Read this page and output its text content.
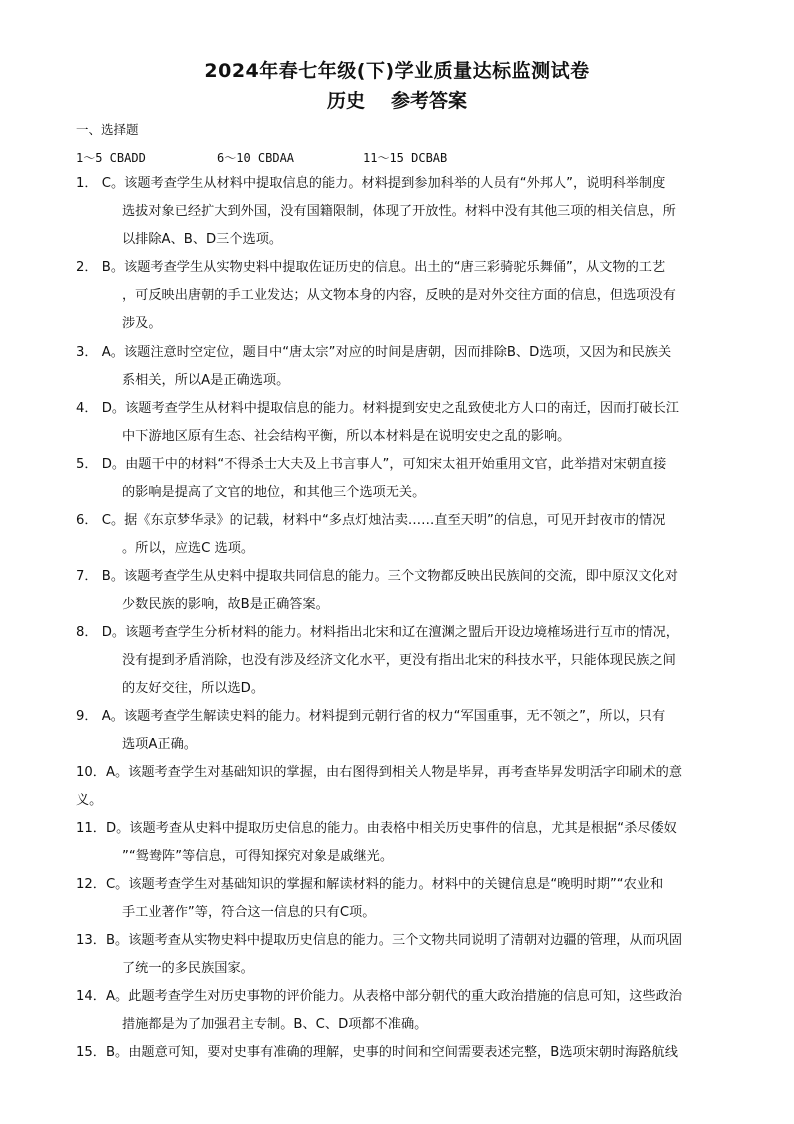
2024年春七年级(下)学业质量达标监测试卷
历史 参考答案
一、选择题
1～5 CBADD	6～10 CBDAA	11～15 DCBAB
1． C。该题考查学生从材料中提取信息的能力。材料提到参加科举的人员有“外邦人”，说明科举制度
选拔对象已经扩大到外国，没有国籍限制，体现了开放性。材料中没有其他三项的相关信息，所
以排除A、B、D三个选项。
2． B。该题考查学生从实物史料中提取佐证历史的信息。出土的“唐三彩骑驼乐舞俑”，从文物的工艺
，可反映出唐朝的手工业发达；从文物本身的内容，反映的是对外交往方面的信息，但选项没有
涉及。
3． A。该题注意时空定位，题目中“唐太宗”对应的时间是唐朝，因而排除B、D选项，又因为和民族关
系相关，所以A是正确选项。
4． D。该题考查学生从材料中提取信息的能力。材料提到安史之乱致使北方人口的南迁，因而打破长江
中下游地区原有生态、社会结构平衡，所以本材料是在说明安史之乱的影响。
5． D。由题干中的材料“不得杀士大夫及上书言事人”，可知宋太祖开始重用文官，此举措对宋朝直接
的影响是提高了文官的地位，和其他三个选项无关。
6． C。据《东京梦华录》的记载，材料中“多点灯烛沽卖……直至天明”的信息，可见开封夜市的情况
。所以，应选C 选项。
7． B。该题考查学生从史料中提取共同信息的能力。三个文物都反映出民族间的交流，即中原汉文化对
少数民族的影响，故B是正确答案。
8． D。该题考查学生分析材料的能力。材料指出北宋和辽在澶渊之盟后开设边境榷场进行互市的情况，
没有提到矛盾消除，也没有涉及经济文化水平，更没有指出北宋的科技水平，只能体现民族之间
的友好交往，所以选D。
9． A。该题考查学生解读史料的能力。材料提到元朝行省的权力“军国重事，无不领之”，所以，只有
选项A正确。
10．A。该题考查学生对基础知识的掌握，由右图得到相关人物是毕昇，再考查毕昇发明活字印刷术的意
义。
11．D。该题考查从史料中提取历史信息的能力。由表格中相关历史事件的信息，尤其是根据“杀尽倭奴
”“鸳鸯阵”等信息，可得知探究对象是戚继光。
12．C。该题考查学生对基础知识的掌握和解读材料的能力。材料中的关键信息是“晚明时期”“农业和
手工业著作”等，符合这一信息的只有C项。
13．B。该题考查从实物史料中提取历史信息的能力。三个文物共同说明了清朝对边疆的管理，从而巩固
了统一的多民族国家。
14．A。此题考查学生对历史事物的评价能力。从表格中部分朝代的重大政治措施的信息可知，这些政治
措施都是为了加强君主专制。B、C、D项都不准确。
15．B。由题意可知，要对史事有准确的理解，史事的时间和空间需要表述完整，B选项宋朝时海路航线
